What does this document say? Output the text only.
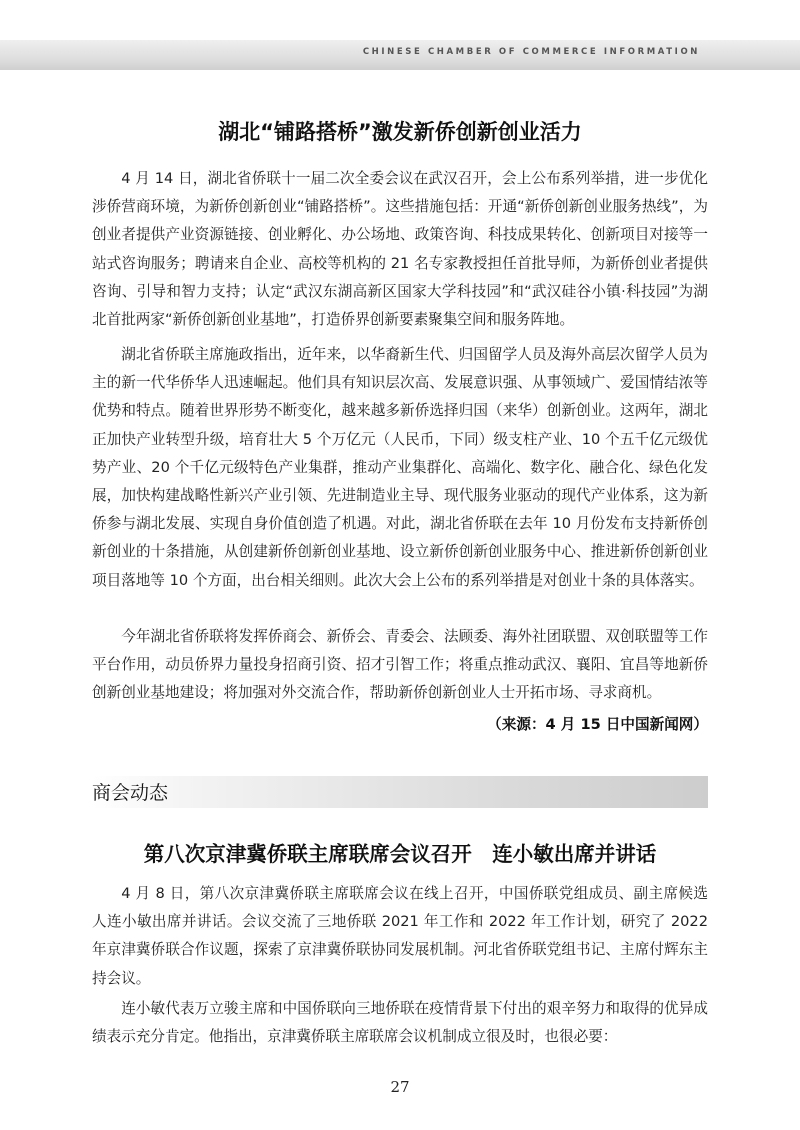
CHINESE CHAMBER OF COMMERCE INFORMATION
湖北“铺路搭桥”激发新侨创新创业活力

4 月 14 日，湖北省侨联十一届二次全委会议在武汉召开，会上公布系列举措，进一步优化涉侨营商环境，为新侨创新创业“铺路搭桥”。这些措施包括：开通“新侨创新创业服务热线”，为创业者提供产业资源链接、创业孵化、办公场地、政策咨询、科技成果转化、创新项目对接等一站式咨询服务；聘请来自企业、高校等机构的 21 名专家教授担任首批导师，为新侨创业者提供咨询、引导和智力支持；认定“武汉东湖高新区国家大学科技园”和“武汉硅谷小镇·科技园”为湖北首批两家“新侨创新创业基地”，打造侨界创新要素聚集空间和服务阵地。

湖北省侨联主席施政指出，近年来，以华裔新生代、归国留学人员及海外高层次留学人员为主的新一代华侨华人迅速崛起。他们具有知识层次高、发展意识强、从事领域广、爱国情结浓等优势和特点。随着世界形势不断变化，越来越多新侨选择归国（来华）创新创业。这两年，湖北正加快产业转型升级，培育壮大 5 个万亿元（人民币，下同）级支柱产业、10 个五千亿元级优势产业、20 个千亿元级特色产业集群，推动产业集群化、高端化、数字化、融合化、绿色化发展，加快构建战略性新兴产业引领、先进制造业主导、现代服务业驱动的现代产业体系，这为新侨参与湖北发展、实现自身价值创造了机遇。对此，湖北省侨联在去年 10 月份发布支持新侨创新创业的十条措施，从创建新侨创新创业基地、设立新侨创新创业服务中心、推进新侨创新创业项目落地等 10 个方面，出台相关细则。此次大会上公布的系列举措是对创业十条的具体落实。

今年湖北省侨联将发挥侨商会、新侨会、青委会、法顾委、海外社团联盟、双创联盟等工作平台作用，动员侨界力量投身招商引资、招才引智工作；将重点推动武汉、襄阳、宜昌等地新侨创新创业基地建设；将加强对外交流合作，帮助新侨创新创业人士开拓市场、寻求商机。

（来源：4 月 15 日中国新闻网）
商会动态
第八次京津冀侨联主席联席会议召开　连小敏出席并讲话

4 月 8 日，第八次京津冀侨联主席联席会议在线上召开，中国侨联党组成员、副主席候选人连小敏出席并讲话。会议交流了三地侨联 2021 年工作和 2022 年工作计划，研究了 2022 年京津冀侨联合作议题，探索了京津冀侨联协同发展机制。河北省侨联党组书记、主席付辉东主持会议。

连小敏代表万立骏主席和中国侨联向三地侨联在疫情背景下付出的艰辛努力和取得的优异成绩表示充分肯定。他指出，京津冀侨联主席联席会议机制成立很及时，也很必要：

27
